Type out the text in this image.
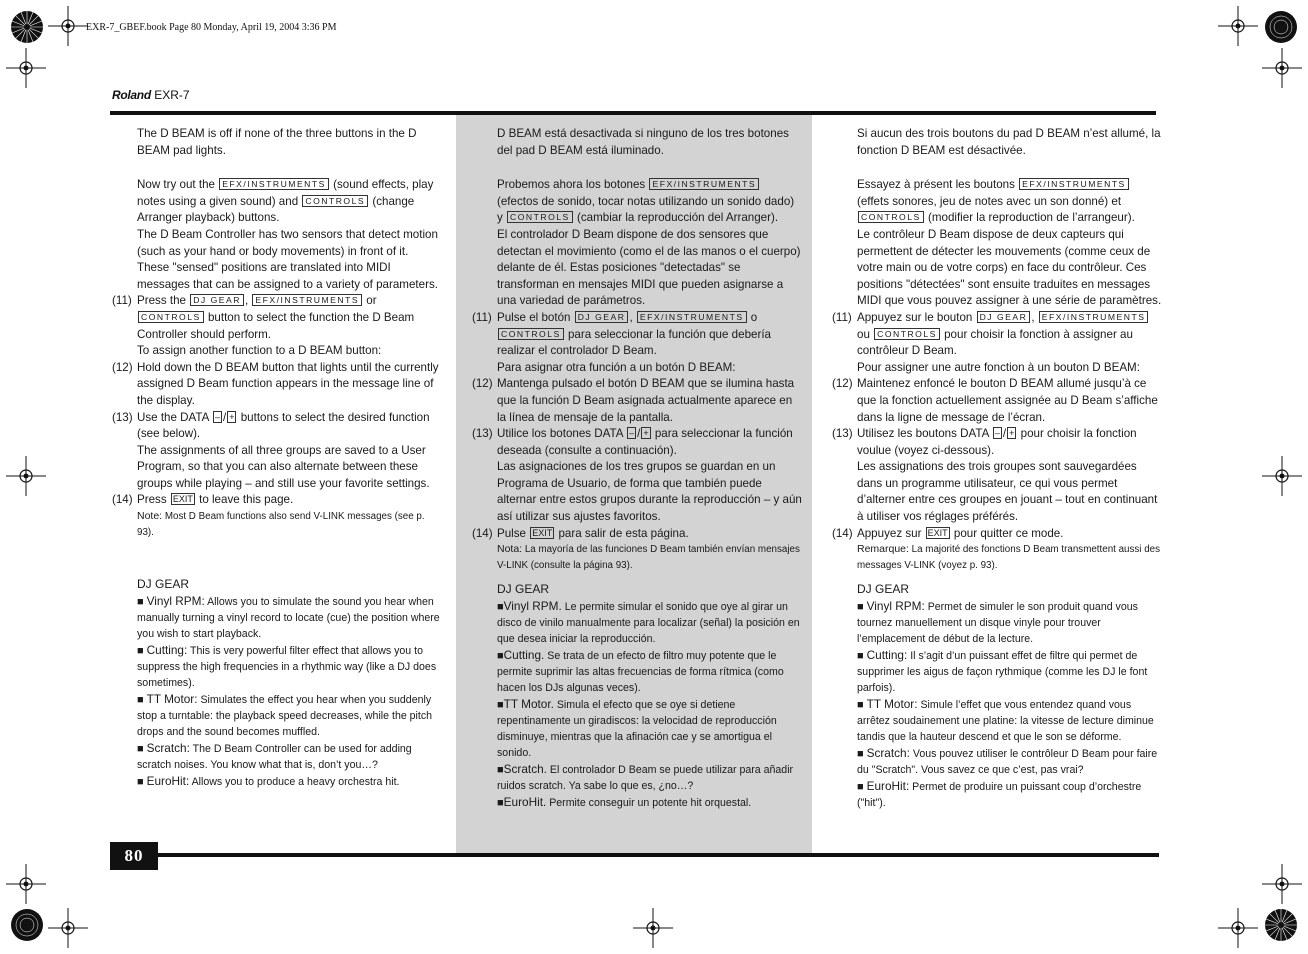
EXR-7_GBEF.book Page 80 Monday, April 19, 2004 3:36 PM
Roland EXR-7
80

The D BEAM is off if none of the three buttons in the D BEAM pad lights.

Now try out the EFX/INSTRUMENTS (sound effects, play notes using a given sound) and CONTROLS (change Arranger playback) buttons.

The D Beam Controller has two sensors that detect motion (such as your hand or body movements) in front of it. These "sensed" positions are translated into MIDI messages that can be assigned to a variety of parameters.

(11) Press the DJ GEAR , EFX/INSTRUMENTS or CONTROLS button to select the function the D Beam Controller should perform.

To assign another function to a D BEAM button:

(12) Hold down the D BEAM button that lights until the currently assigned D Beam function appears in the message line of the display.
(13) Use the DATA – / + buttons to select the desired function (see below).

The assignments of all three groups are saved to a User Program, so that you can also alternate between these groups while playing – and still use your favorite settings.

(14) Press EXIT to leave this page.

Note: Most D Beam functions also send V-LINK messages (see p. 93).

DJ GEAR

■ Vinyl RPM: Allows you to simulate the sound you hear when manually turning a vinyl record to locate (cue) the position where you wish to start playback.
■ Cutting: This is very powerful filter effect that allows you to suppress the high frequencies in a rhythmic way (like a DJ does sometimes).
■ TT Motor: Simulates the effect you hear when you suddenly stop a turntable: the playback speed decreases, while the pitch drops and the sound becomes muffled.
■ Scratch: The D Beam Controller can be used for adding scratch noises. You know what that is, don’t you…?
■ EuroHit: Allows you to produce a heavy orchestra hit.

D BEAM está desactivada si ninguno de los tres botones del pad D BEAM está iluminado.

Probemos ahora los botones EFX/INSTRUMENTS (efectos de sonido, tocar notas utilizando un sonido dado) y CONTROLS (cambiar la reproducción del Arranger).

El controlador D Beam dispone de dos sensores que detectan el movimiento (como el de las manos o el cuerpo) delante de él. Estas posiciones "detectadas" se transforman en mensajes MIDI que pueden asignarse a una variedad de parámetros.

(11) Pulse el botón DJ GEAR , EFX/INSTRUMENTS o CONTROLS para seleccionar la función que debería realizar el controlador D Beam.

Para asignar otra función a un botón D BEAM:

(12) Mantenga pulsado el botón D BEAM que se ilumina hasta que la función D Beam asignada actualmente aparece en la línea de mensaje de la pantalla.
(13) Utilice los botones DATA – / + para seleccionar la función deseada (consulte a continuación).

Las asignaciones de los tres grupos se guardan en un Programa de Usuario, de forma que también puede alternar entre estos grupos durante la reproducción – y aún así utilizar sus ajustes favoritos.

(14) Pulse EXIT para salir de esta página.

Nota: La mayoría de las funciones D Beam también envían mensajes V-LINK (consulte la página 93).

DJ GEAR

■Vinyl RPM. Le permite simular el sonido que oye al girar un disco de vinilo manualmente para localizar (señal) la posición en que desea iniciar la reproducción.
■Cutting. Se trata de un efecto de filtro muy potente que le permite suprimir las altas frecuencias de forma rítmica (como hacen los DJs algunas veces).
■TT Motor. Simula el efecto que se oye si detiene repentinamente un giradiscos: la velocidad de reproducción disminuye, mientras que la afinación cae y se amortigua el sonido.
■Scratch. El controlador D Beam se puede utilizar para añadir ruidos scratch. Ya sabe lo que es, ¿no…?
■EuroHit. Permite conseguir un potente hit orquestal.

Si aucun des trois boutons du pad D BEAM n’est allumé, la fonction D BEAM est désactivée.

Essayez à présent les boutons EFX/INSTRUMENTS (effets sonores, jeu de notes avec un son donné) et CONTROLS (modifier la reproduction de l’arrangeur).

Le contrôleur D Beam dispose de deux capteurs qui permettent de détecter les mouvements (comme ceux de votre main ou de votre corps) en face du contrôleur. Ces positions "détectées" sont ensuite traduites en messages MIDI que vous pouvez assigner à une série de paramètres.

(11) Appuyez sur le bouton DJ GEAR , EFX/INSTRUMENTS ou CONTROLS pour choisir la fonction à assigner au contrôleur D Beam.

Pour assigner une autre fonction à un bouton D BEAM:

(12) Maintenez enfoncé le bouton D BEAM allumé jusqu’à ce que la fonction actuellement assignée au D Beam s’affiche dans la ligne de message de l’écran.
(13) Utilisez les boutons DATA – / + pour choisir la fonction voulue (voyez ci-dessous).

Les assignations des trois groupes sont sauvegardées dans un programme utilisateur, ce qui vous permet d’alterner entre ces groupes en jouant – tout en continuant à utiliser vos réglages préférés.

(14) Appuyez sur EXIT pour quitter ce mode.

Remarque: La majorité des fonctions D Beam transmettent aussi des messages V-LINK (voyez p. 93).

DJ GEAR

■ Vinyl RPM: Permet de simuler le son produit quand vous tournez manuellement un disque vinyle pour trouver l’emplacement de début de la lecture.
■ Cutting: Il s’agit d’un puissant effet de filtre qui permet de supprimer les aigus de façon rythmique (comme les DJ le font parfois).
■ TT Motor: Simule l’effet que vous entendez quand vous arrêtez soudainement une platine: la vitesse de lecture diminue tandis que la hauteur descend et que le son se déforme.
■ Scratch: Vous pouvez utiliser le contrôleur D Beam pour faire du "Scratch". Vous savez ce que c’est, pas vrai?
■ EuroHit: Permet de produire un puissant coup d’orchestre ("hit").
